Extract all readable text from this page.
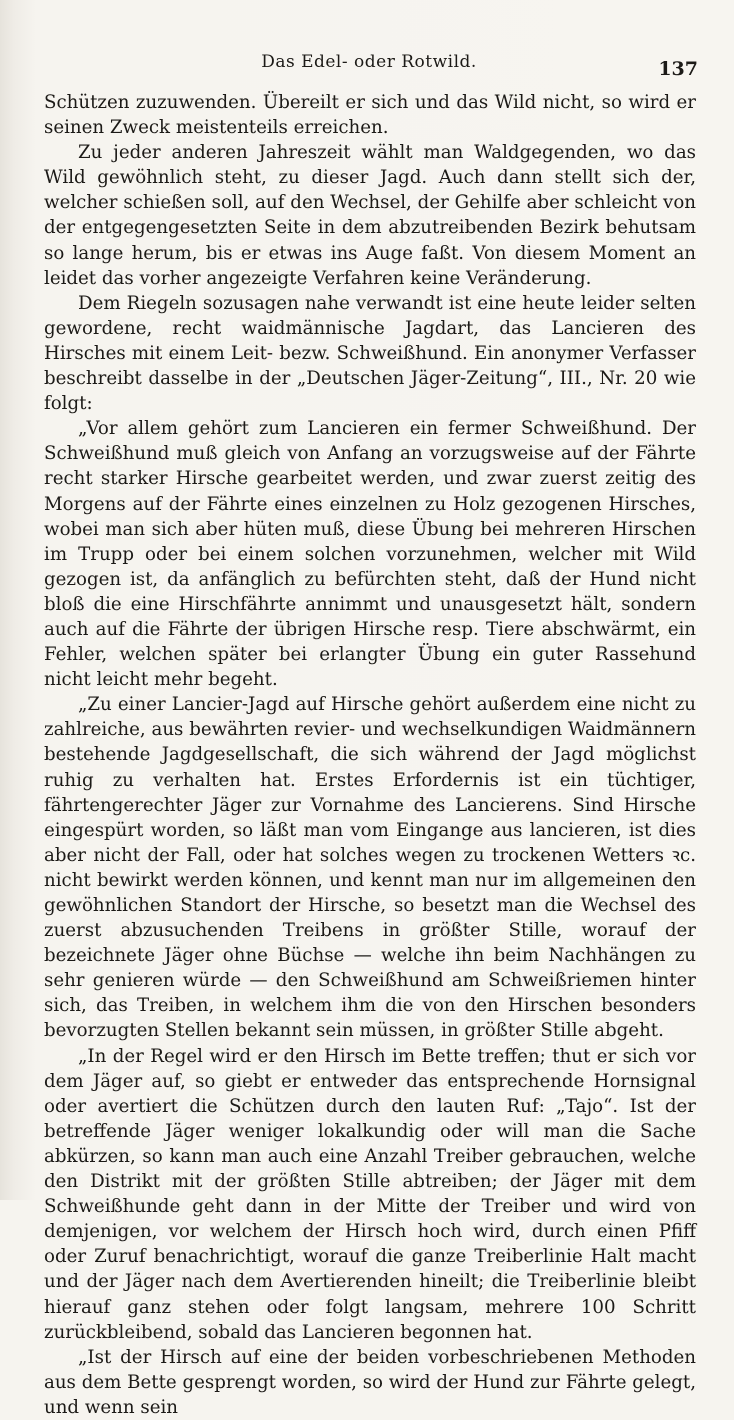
Das Edel- oder Rotwild.	137

Schützen zuzuwenden. Übereilt er sich und das Wild nicht, so wird er seinen Zweck meistenteils erreichen.

Zu jeder anderen Jahreszeit wählt man Waldgegenden, wo das Wild gewöhnlich steht, zu dieser Jagd. Auch dann stellt sich der, welcher schießen soll, auf den Wechsel, der Gehilfe aber schleicht von der entgegengesetzten Seite in dem abzutreibenden Bezirk behutsam so lange herum, bis er etwas ins Auge faßt. Von diesem Moment an leidet das vorher angezeigte Verfahren keine Veränderung.

Dem Riegeln sozusagen nahe verwandt ist eine heute leider selten gewordene, recht waidmännische Jagdart, das Lancieren des Hirsches mit einem Leit- bezw. Schweißhund. Ein anonymer Verfasser beschreibt dasselbe in der „Deutschen Jäger-Zeitung“, III., Nr. 20 wie folgt:

„Vor allem gehört zum Lancieren ein fermer Schweißhund. Der Schweißhund muß gleich von Anfang an vorzugsweise auf der Fährte recht starker Hirsche gearbeitet werden, und zwar zuerst zeitig des Morgens auf der Fährte eines einzelnen zu Holz gezogenen Hirsches, wobei man sich aber hüten muß, diese Übung bei mehreren Hirschen im Trupp oder bei einem solchen vorzunehmen, welcher mit Wild gezogen ist, da anfänglich zu befürchten steht, daß der Hund nicht bloß die eine Hirschfährte annimmt und unausgesetzt hält, sondern auch auf die Fährte der übrigen Hirsche resp. Tiere abschwärmt, ein Fehler, welchen später bei erlangter Übung ein guter Rassehund nicht leicht mehr begeht.

„Zu einer Lancier-Jagd auf Hirsche gehört außerdem eine nicht zu zahlreiche, aus bewährten revier- und wechselkundigen Waidmännern bestehende Jagdgesellschaft, die sich während der Jagd möglichst ruhig zu verhalten hat. Erstes Erfordernis ist ein tüchtiger, fährtengerechter Jäger zur Vornahme des Lancierens. Sind Hirsche eingespürt worden, so läßt man vom Eingange aus lancieren, ist dies aber nicht der Fall, oder hat solches wegen zu trockenen Wetters ꝛc. nicht bewirkt werden können, und kennt man nur im allgemeinen den gewöhnlichen Standort der Hirsche, so besetzt man die Wechsel des zuerst abzusuchenden Treibens in größter Stille, worauf der bezeichnete Jäger ohne Büchse — welche ihn beim Nachhängen zu sehr genieren würde — den Schweißhund am Schweißriemen hinter sich, das Treiben, in welchem ihm die von den Hirschen besonders bevorzugten Stellen bekannt sein müssen, in größter Stille abgeht.

„In der Regel wird er den Hirsch im Bette treffen; thut er sich vor dem Jäger auf, so giebt er entweder das entsprechende Hornsignal oder avertiert die Schützen durch den lauten Ruf: „Tajo“. Ist der betreffende Jäger weniger lokalkundig oder will man die Sache abkürzen, so kann man auch eine Anzahl Treiber gebrauchen, welche den Distrikt mit der größten Stille abtreiben; der Jäger mit dem Schweißhunde geht dann in der Mitte der Treiber und wird von demjenigen, vor welchem der Hirsch hoch wird, durch einen Pfiff oder Zuruf benachrichtigt, worauf die ganze Treiberlinie Halt macht und der Jäger nach dem Avertierenden hineilt; die Treiberlinie bleibt hierauf ganz stehen oder folgt langsam, mehrere 100 Schritt zurückbleibend, sobald das Lancieren begonnen hat.

„Ist der Hirsch auf eine der beiden vorbeschriebenen Methoden aus dem Bette gesprengt worden, so wird der Hund zur Fährte gelegt, und wenn sein
